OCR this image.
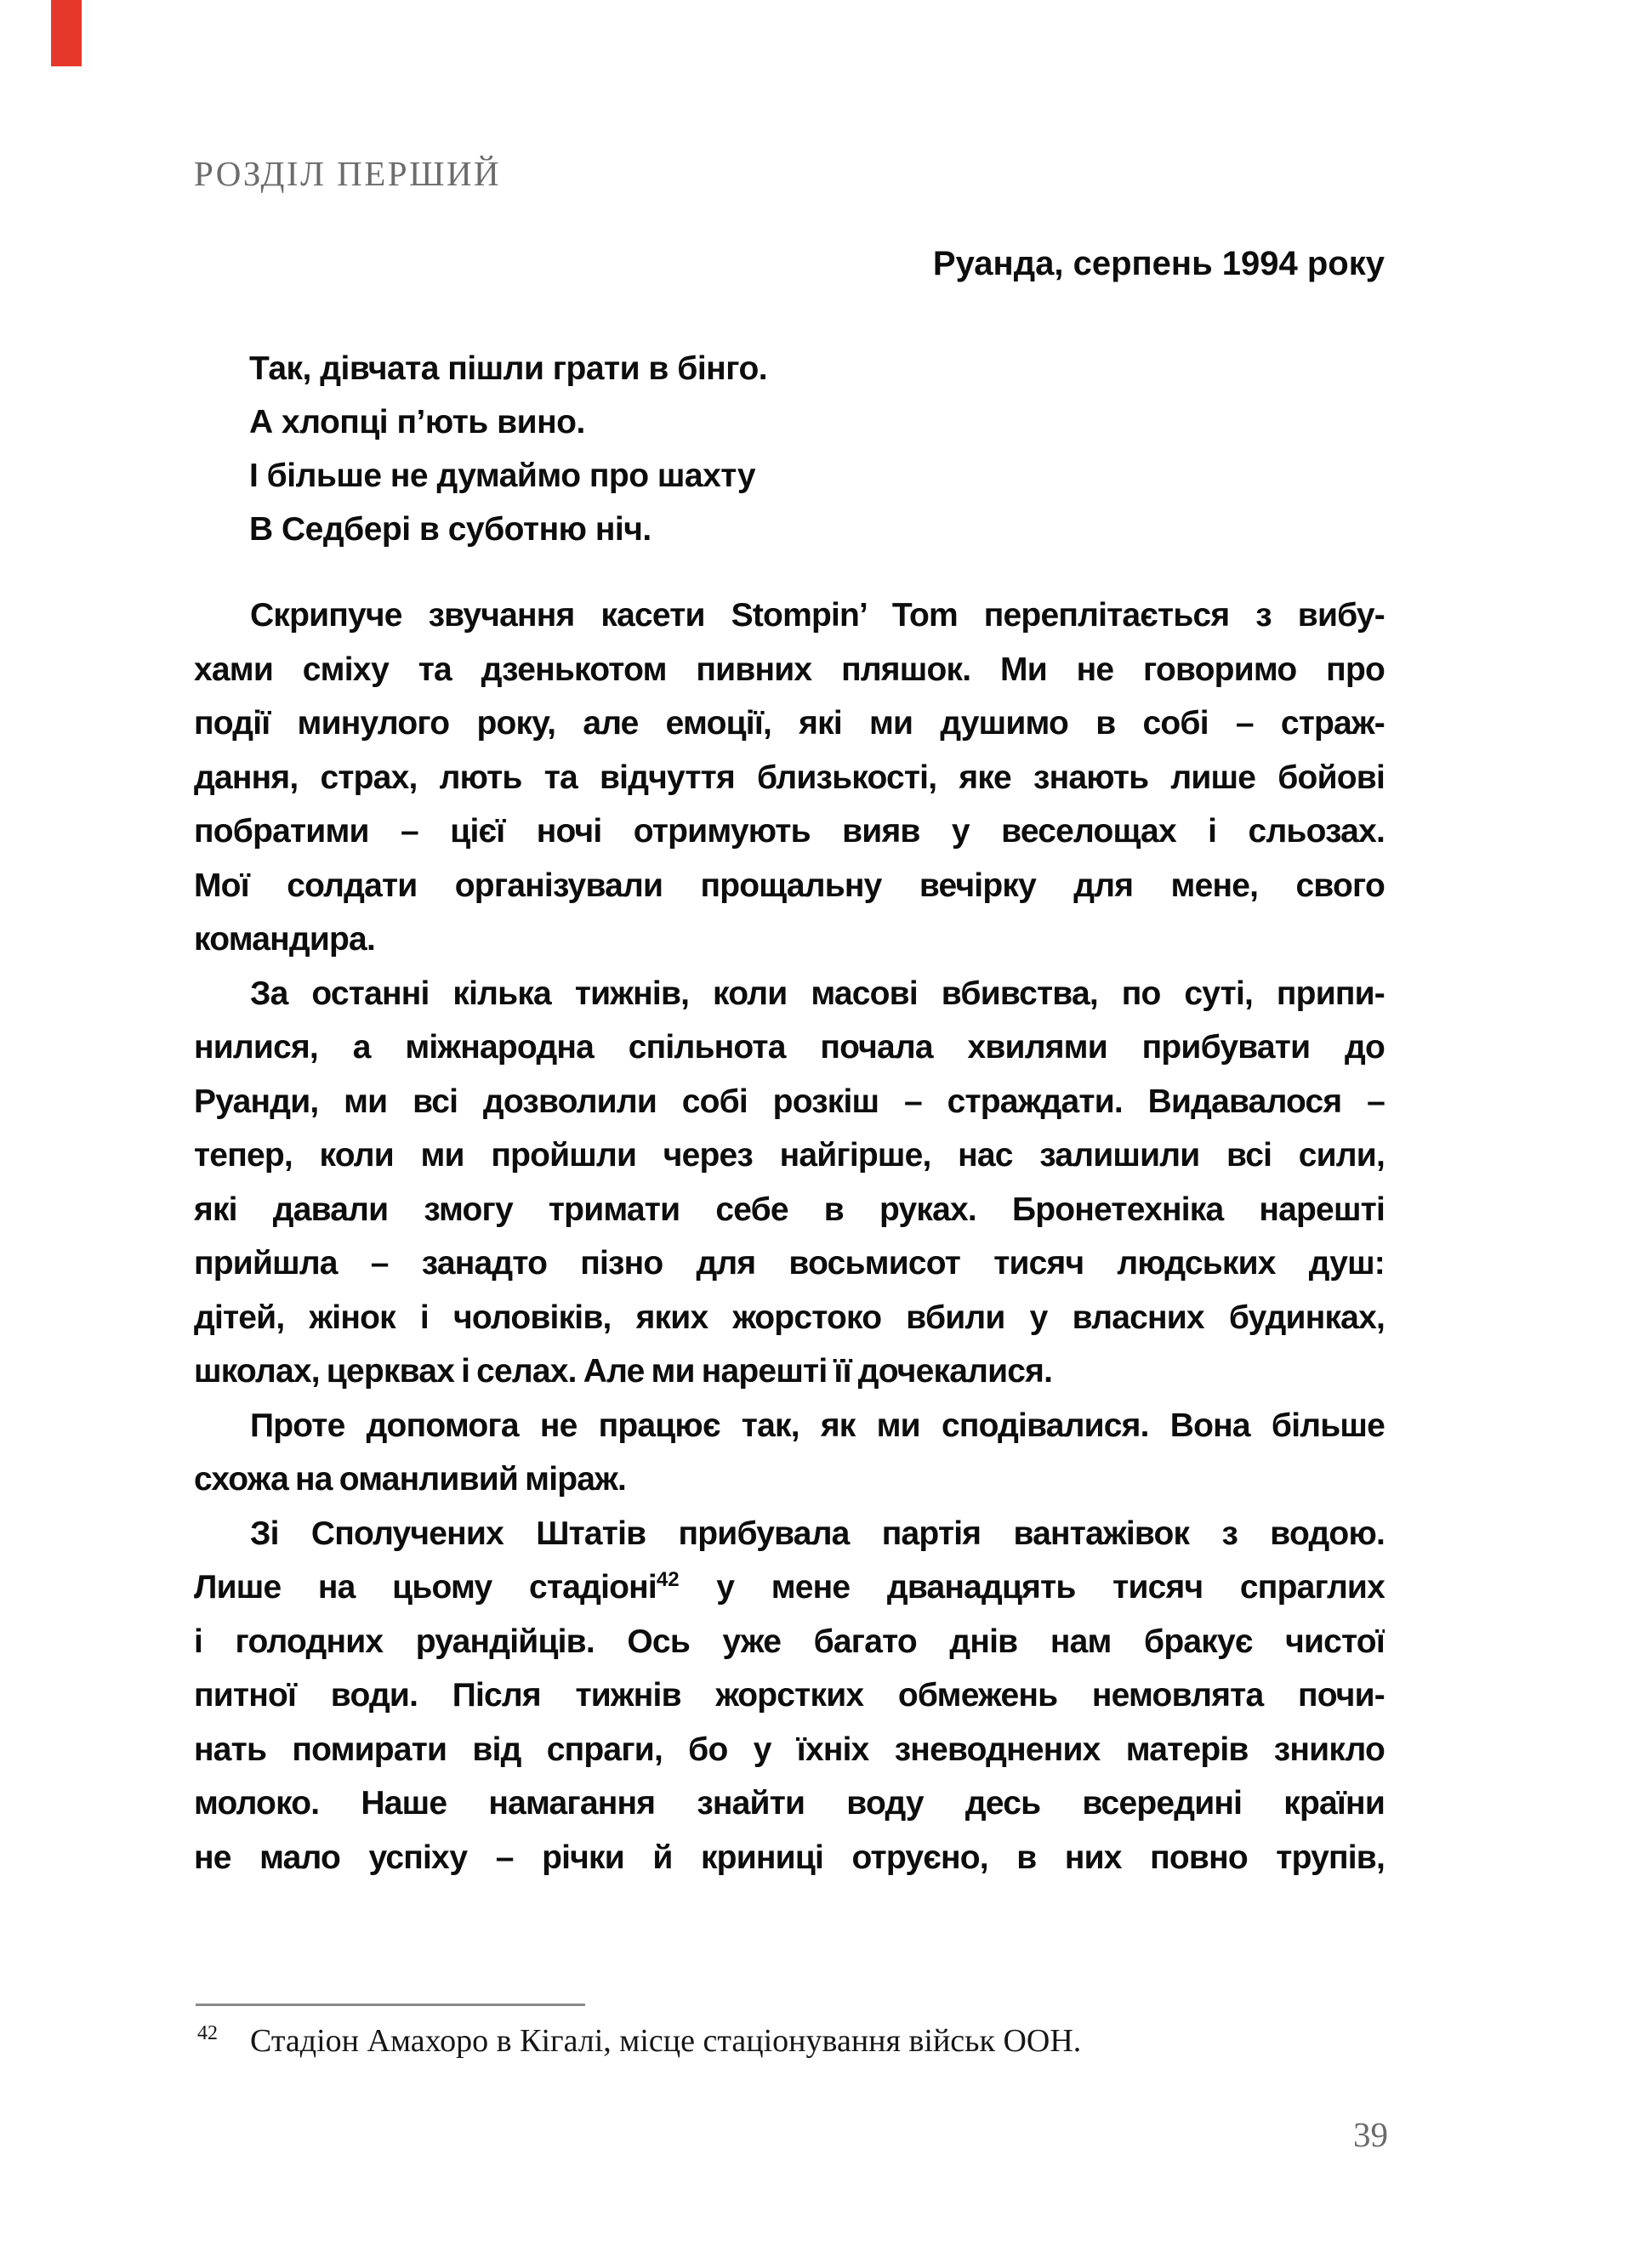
РОЗДІЛ ПЕРШИЙ
Руанда, серпень 1994 року
Так, дівчата пішли грати в бінго.
А хлопці п’ють вино.
І більше не думаймо про шахту
В Седбері в суботню ніч.
Скрипуче звучання касети Stompin’ Tom переплітається з вибу-
хами сміху та дзенькотом пивних пляшок. Ми не говоримо про
події минулого року, але емоції, які ми душимо в собі – страж-
дання, страх, лють та відчуття близькості, яке знають лише бойові
побратими – цієї ночі отримують вияв у веселощах і сльозах.
Мої солдати організували прощальну вечірку для мене, свого
командира.
За останні кілька тижнів, коли масові вбивства, по суті, припи-
нилися, а міжнародна спільнота почала хвилями прибувати до
Руанди, ми всі дозволили собі розкіш – страждати. Видавалося –
тепер, коли ми пройшли через найгірше, нас залишили всі сили,
які давали змогу тримати себе в руках. Бронетехніка нарешті
прийшла – занадто пізно для восьмисот тисяч людських душ:
дітей, жінок і чоловіків, яких жорстоко вбили у власних будинках,
школах, церквах і селах. Але ми нарешті її дочекалися.
Проте допомога не працює так, як ми сподівалися. Вона більше
схожа на оманливий міраж.
Зі Сполучених Штатів прибувала партія вантажівок з водою.
Лише на цьому стадіоні$^{42}$ у мене дванадцять тисяч спраглих
і голодних руандійців. Ось уже багато днів нам бракує чистої
питної води. Після тижнів жорстких обмежень немовлята почи-
нать помирати від спраги, бо у їхніх зневоднених матерів зникло
молоко. Наше намагання знайти воду десь всередині країни
не мало успіху – річки й криниці отруєно, в них повно трупів,
$^{42}$ Стадіон Амахоро в Кігалі, місце стаціонування військ ООН.
39
